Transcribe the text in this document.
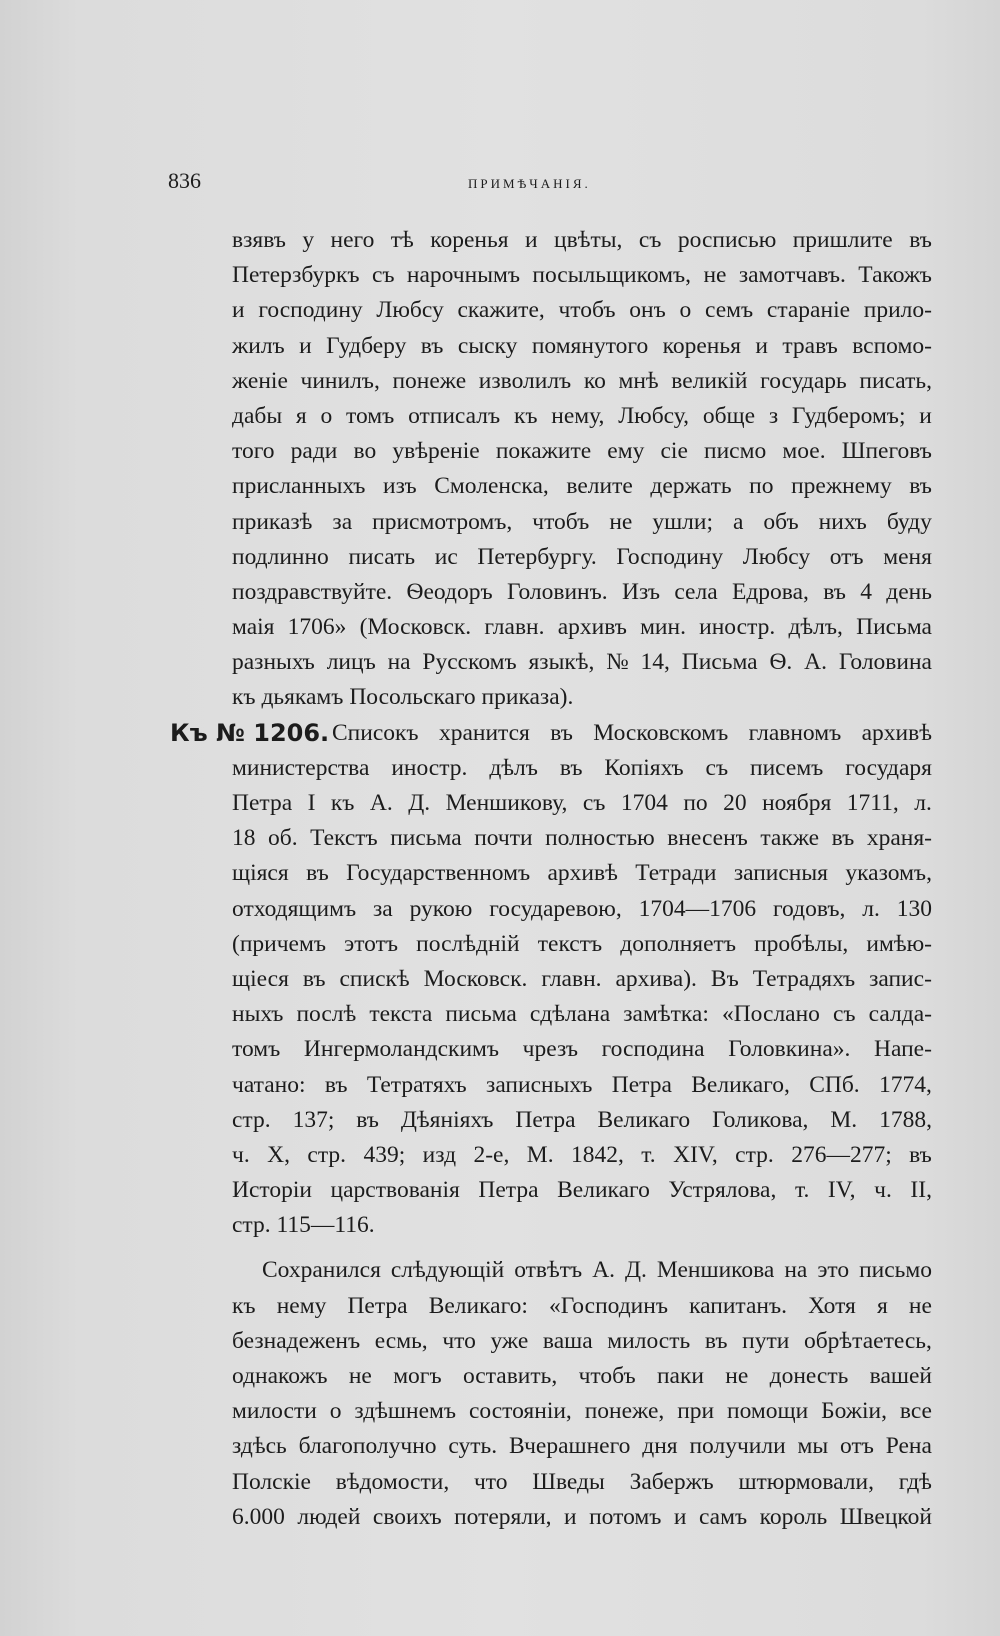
836	ПРИМѢЧАНІЯ.
взявъ у него тѣ коренья и цвѣты, съ росписью пришлите въ
Петерзбуркъ съ нарочнымъ посыльщикомъ, не замотчавъ. Такожъ
и господину Любсу скажите, чтобъ онъ о семъ стараніе прило-
жилъ и Гудберу въ сыску помянутого коренья и травъ вспомо-
женіе чинилъ, понеже изволилъ ко мнѣ великій государь писать,
дабы я о томъ отписалъ къ нему, Любсу, обще з Гудберомъ; и
того ради во увѣреніе покажите ему сіе писмо мое. Шпеговъ
присланныхъ изъ Смоленска, велите держать по прежнему въ
приказѣ за присмотромъ, чтобъ не ушли; а объ нихъ буду
подлинно писать ис Петербургу. Господину Любсу отъ меня
поздравствуйте. Ѳеодоръ Головинъ. Изъ села Едрова, въ 4 день
маія 1706» (Московск. главн. архивъ мин. иностр. дѣлъ, Письма
разныхъ лицъ на Русскомъ языкѣ, № 14, Письма Ѳ. А. Головина
къ дьякамъ Посольскаго приказа).
Къ № 1206. Списокъ хранится въ Московскомъ главномъ архивѣ
министерства иностр. дѣлъ въ Копіяхъ съ писемъ государя
Петра I къ А. Д. Меншикову, съ 1704 по 20 ноября 1711, л.
18 об. Текстъ письма почти полностью внесенъ также въ храня-
щіяся въ Государственномъ архивѣ Тетради записныя указомъ,
отходящимъ за рукою государевою, 1704—1706 годовъ, л. 130
(причемъ этотъ послѣдній текстъ дополняетъ пробѣлы, имѣю-
щіеся въ спискѣ Московск. главн. архива). Въ Тетрадяхъ запис-
ныхъ послѣ текста письма сдѣлана замѣтка: «Послано съ салда-
томъ Ингермоландскимъ чрезъ господина Головкина». Напе-
чатано: въ Тетратяхъ записныхъ Петра Великаго, СПб. 1774,
стр. 137; въ Дѣяніяхъ Петра Великаго Голикова, М. 1788,
ч. X, стр. 439; изд 2-е, М. 1842, т. XIV, стр. 276—277; въ
Исторіи царствованія Петра Великаго Устрялова, т. IV, ч. II,
стр. 115—116.
Сохранился слѣдующій отвѣтъ А. Д. Меншикова на это письмо
къ нему Петра Великаго: «Господинъ капитанъ. Хотя я не
безнадеженъ есмь, что уже ваша милость въ пути обрѣтаетесь,
однакожъ не могъ оставить, чтобъ паки не донесть вашей
милости о здѣшнемъ состояніи, понеже, при помощи Божіи, все
здѣсь благополучно суть. Вчерашнего дня получили мы отъ Рена
Полскіе вѣдомости, что Шведы Забержъ штюрмовали, гдѣ
6.000 людей своихъ потеряли, и потомъ и самъ король Швецкой
